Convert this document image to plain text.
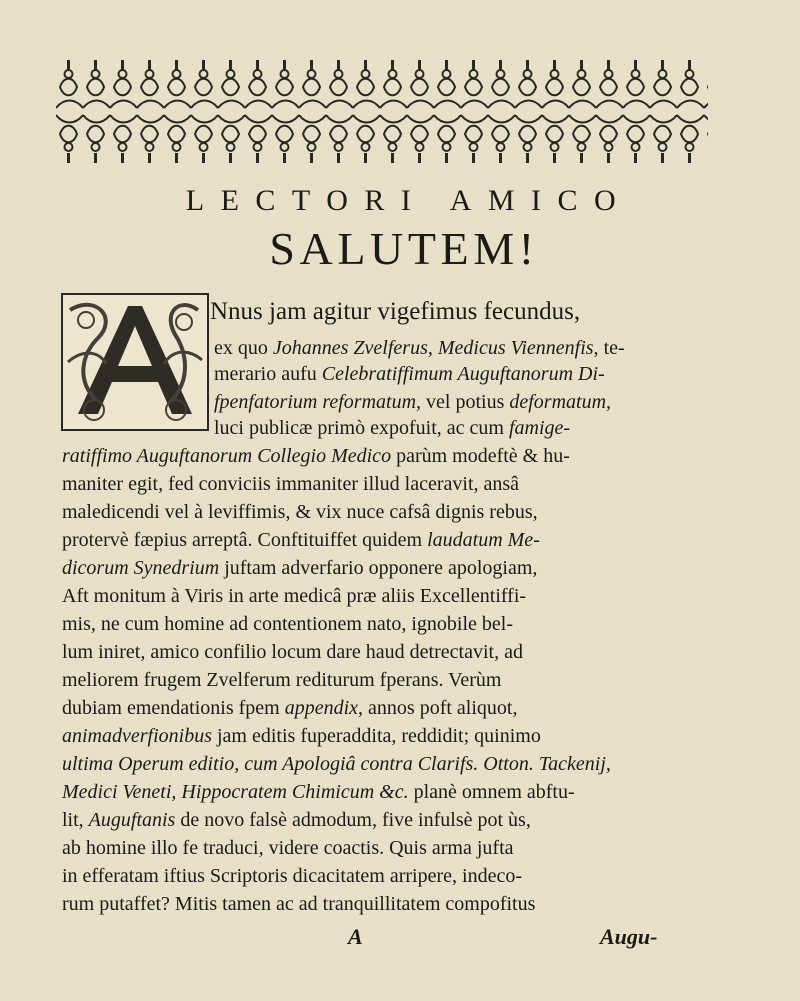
LECTORI AMICO
SALUTEM!
Nnus jam agitur vigefimus fecundus,
ex quo Johannes Zvelferus, Medicus Viennenfis, te-
merario aufu Celebratiffimum Auguftanorum Di-
fpenfatorium reformatum, vel potius deformatum,
luci publicæ primò expofuit, ac cum famige-
ratiffimo Auguftanorum Collegio Medico parùm modeftè & hu-
maniter egit, fed conviciis immaniter illud laceravit, ansâ
maledicendi vel à leviffimis, & vix nuce cafsâ dignis rebus,
protervè fæpius arreptâ. Conftituiffet quidem laudatum Me-
dicorum Synedrium juftam adverfario opponere apologiam,
Aft monitum à Viris in arte medicâ præ aliis Excellentiffi-
mis, ne cum homine ad contentionem nato, ignobile bel-
lum iniret, amico confilio locum dare haud detrectavit, ad
meliorem frugem Zvelferum rediturum fperans. Verùm
dubiam emendationis fpem appendix, annos poft aliquot,
animadverfionibus jam editis fuperaddita, reddidit; quinimo
ultima Operum editio, cum Apologiâ contra Clarifs. Otton. Tackenij,
Medici Veneti, Hippocratem Chimicum &c. planè omnem abftu-
lit, Auguftanis de novo falsè admodum, five infulsè pot ùs,
ab homine illo fe traduci, videre coactis. Quis arma jufta
in efferatam iftius Scriptoris dicacitatem arripere, indeco-
rum putaffet? Mitis tamen ac ad tranquillitatem compofitus
A	Augu-
